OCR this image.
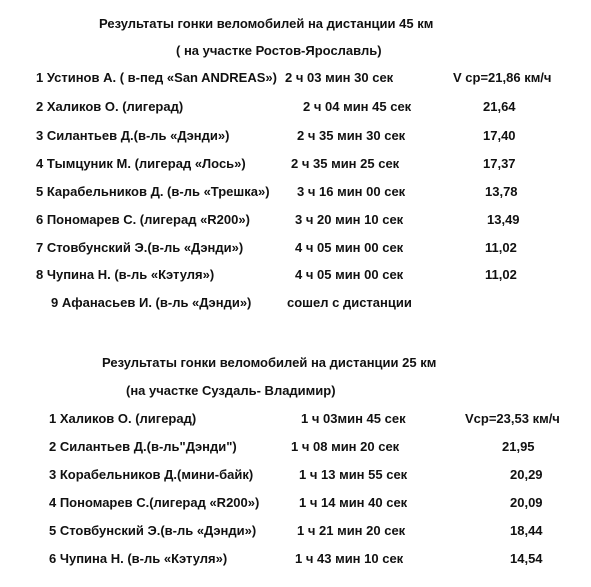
Результаты гонки веломобилей на дистанции 45 км
( на участке Ростов-Ярославль)
1 Устинов А. ( в-пед «San ANDREAS») 2 ч 03 мин 30 сек	V ср=21,86 км/ч
2 Халиков О. (лигерад)	2 ч 04 мин 45 сек	21,64
3 Силантьев Д.(в-ль «Дэнди»)	2 ч 35 мин 30 сек	17,40
4 Тымцуник М. (лигерад «Лось»)	2 ч 35 мин 25 сек	17,37
5 Карабельников Д. (в-ль «Трешка») 3 ч 16 мин 00 сек	13,78
6 Пономарев С. (лигерад «R200»)	3 ч 20 мин 10 сек	13,49
7 Стовбунский Э.(в-ль «Дэнди»)	4 ч 05 мин 00 сек	11,02
8 Чупина Н. (в-ль «Кэтуля»)	4 ч 05 мин 00 сек	11,02
9 Афанасьев И. (в-ль «Дэнди»)	сошел с дистанции
Результаты гонки веломобилей на дистанции 25 км
(на участке Суздаль- Владимир)
1 Халиков О. (лигерад)	1 ч 03мин 45 сек	Vср=23,53 км/ч
2 Силантьев Д.(в-ль"Дэнди")	1 ч 08 мин 20 сек	21,95
3 Корабельников Д.(мини-байк)	1 ч 13 мин 55 сек	20,29
4 Пономарев С.(лигерад «R200»)	1 ч 14 мин 40 сек	20,09
5 Стовбунский Э.(в-ль «Дэнди»)	1 ч 21 мин 20 сек	18,44
6 Чупина Н. (в-ль «Кэтуля»)	1 ч 43 мин 10 сек	14,54
